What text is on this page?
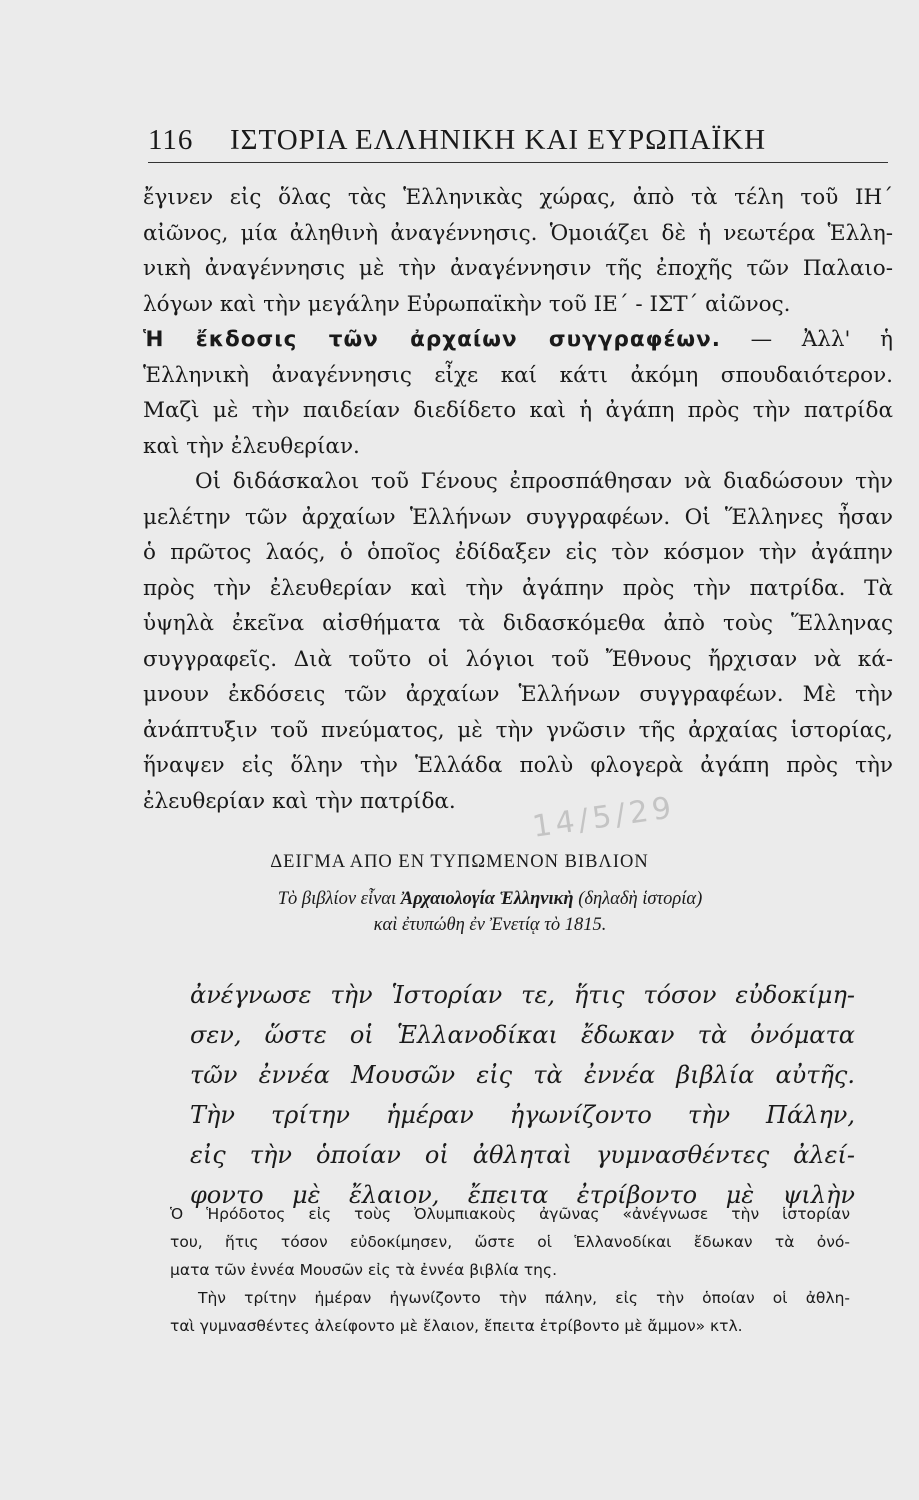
116 ΙΣΤΟΡΙΑ ΕΛΛΗΝΙΚΗ ΚΑΙ ΕΥΡΩΠΑΪΚΗ
ἔγινεν εἰς ὅλας τὰς Ἑλληνικὰς χώρας, ἀπὸ τὰ τέλη τοῦ ΙΗ´
αἰῶνος, μία ἀληθινὴ ἀναγέννησις. Ὁμοιάζει δὲ ἡ νεωτέρα Ἑλλη-
νικὴ ἀναγέννησις μὲ τὴν ἀναγέννησιν τῆς ἐποχῆς τῶν Παλαιο-
λόγων καὶ τὴν μεγάλην Εὐρωπαϊκὴν τοῦ ΙΕ´ - ΙΣΤ´ αἰῶνος.
Ἡ ἔκδοσις τῶν ἀρχαίων συγγραφέων. — Ἀλλ' ἡ
Ἑλληνικὴ ἀναγέννησις εἶχε καί κάτι ἀκόμη σπουδαιότερον.
Μαζὶ μὲ τὴν παιδείαν διεδίδετο καὶ ἡ ἀγάπη πρὸς τὴν πατρίδα
καὶ τὴν ἐλευθερίαν.
Οἱ διδάσκαλοι τοῦ Γένους ἐπροσπάθησαν νὰ διαδώσουν τὴν
μελέτην τῶν ἀρχαίων Ἑλλήνων συγγραφέων. Οἱ Ἕλληνες ἦσαν
ὁ πρῶτος λαός, ὁ ὁποῖος ἐδίδαξεν εἰς τὸν κόσμον τὴν ἀγάπην
πρὸς τὴν ἐλευθερίαν καὶ τὴν ἀγάπην πρὸς τὴν πατρίδα. Τὰ
ὑψηλὰ ἐκεῖνα αἰσθήματα τὰ διδασκόμεθα ἀπὸ τοὺς Ἕλληνας
συγγραφεῖς. Διὰ τοῦτο οἱ λόγιοι τοῦ Ἔθνους ἤρχισαν νὰ κά-
μνουν ἐκδόσεις τῶν ἀρχαίων Ἑλλήνων συγγραφέων. Μὲ τὴν
ἀνάπτυξιν τοῦ πνεύματος, μὲ τὴν γνῶσιν τῆς ἀρχαίας ἱστορίας,
ἥναψεν εἰς ὅλην τὴν Ἑλλάδα πολὺ φλογερὰ ἀγάπη πρὸς τὴν
ἐλευθερίαν καὶ τὴν πατρίδα.	14/5/29
ΔΕΙΓΜΑ ΑΠΟ ΕΝ ΤΥΠΩΜΕΝΟΝ ΒΙΒΛΙΟΝ
Τὸ βιβλίον εἶναι Ἀρχαιολογία Ἑλληνικὴ (δηλαδὴ ἱστορία)
καὶ ἐτυπώθη ἐν Ἐνετίᾳ τὸ 1815.
ἀνέγνωσε τὴν Ἱστορίαν τε, ἥτις τόσον εὐδοκίμη-
σεν, ὥστε οἱ Ἑλλανοδίκαι ἔδωκαν τὰ ὀνόματα
τῶν ἐννέα Μουσῶν εἰς τὰ ἐννέα βιβλία αὐτῆς.
Τὴν τρίτην ἡμέραν ἠγωνίζοντο τὴν Πάλην,
εἰς τὴν ὁποίαν οἱ ἀθληταὶ γυμνασθέντες ἀλεί-
φοντο μὲ ἔλαιον, ἔπειτα ἐτρίβοντο μὲ ψιλὴν
Ὁ Ἡρόδοτος εἰς τοὺς Ὀλυμπιακοὺς ἀγῶνας «ἀνέγνωσε τὴν ἱστορίαν
του, ἥτις τόσον εὐδοκίμησεν, ὥστε οἱ Ἑλλανοδίκαι ἔδωκαν τὰ ὀνό-
ματα τῶν ἐννέα Μουσῶν εἰς τὰ ἐννέα βιβλία της.
Τὴν τρίτην ἡμέραν ἠγωνίζοντο τὴν πάλην, εἰς τὴν ὁποίαν οἱ ἀθλη-
ταὶ γυμνασθέντες ἀλείφοντο μὲ ἔλαιον, ἔπειτα ἐτρίβοντο μὲ ἄμμον» κτλ.
